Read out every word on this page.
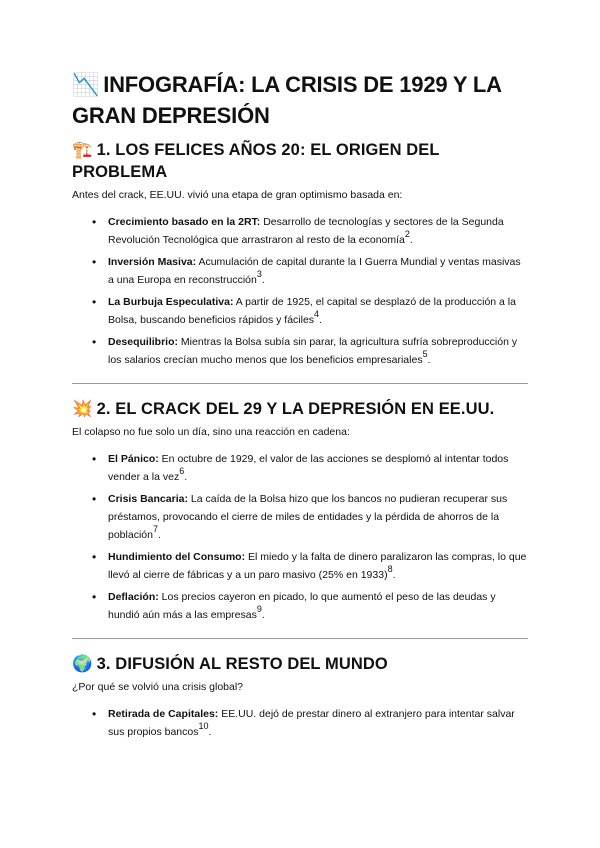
📉 INFOGRAFÍA: LA CRISIS DE 1929 Y LA GRAN DEPRESIÓN
🏗️ 1. LOS FELICES AÑOS 20: EL ORIGEN DEL PROBLEMA

Antes del crack, EE.UU. vivió una etapa de gran optimismo basada en:

• Crecimiento basado en la 2RT: Desarrollo de tecnologías y sectores de la Segunda Revolución Tecnológica que arrastraron al resto de la economía$^2$.
• Inversión Masiva: Acumulación de capital durante la I Guerra Mundial y ventas masivas a una Europa en reconstrucción$^3$.
• La Burbuja Especulativa: A partir de 1925, el capital se desplazó de la producción a la Bolsa, buscando beneficios rápidos y fáciles$^4$.
• Desequilibrio: Mientras la Bolsa subía sin parar, la agricultura sufría sobreproducción y los salarios crecían mucho menos que los beneficios empresariales$^5$.
💥 2. EL CRACK DEL 29 Y LA DEPRESIÓN EN EE.UU.

El colapso no fue solo un día, sino una reacción en cadena:

• El Pánico: En octubre de 1929, el valor de las acciones se desplomó al intentar todos vender a la vez$^6$.
• Crisis Bancaria: La caída de la Bolsa hizo que los bancos no pudieran recuperar sus préstamos, provocando el cierre de miles de entidades y la pérdida de ahorros de la población$^7$.
• Hundimiento del Consumo: El miedo y la falta de dinero paralizaron las compras, lo que llevó al cierre de fábricas y a un paro masivo (25% en 1933)$^8$.
• Deflación: Los precios cayeron en picado, lo que aumentó el peso de las deudas y hundió aún más a las empresas$^9$.
🌍 3. DIFUSIÓN AL RESTO DEL MUNDO

¿Por qué se volvió una crisis global?

• Retirada de Capitales: EE.UU. dejó de prestar dinero al extranjero para intentar salvar sus propios bancos$^{10}$.
